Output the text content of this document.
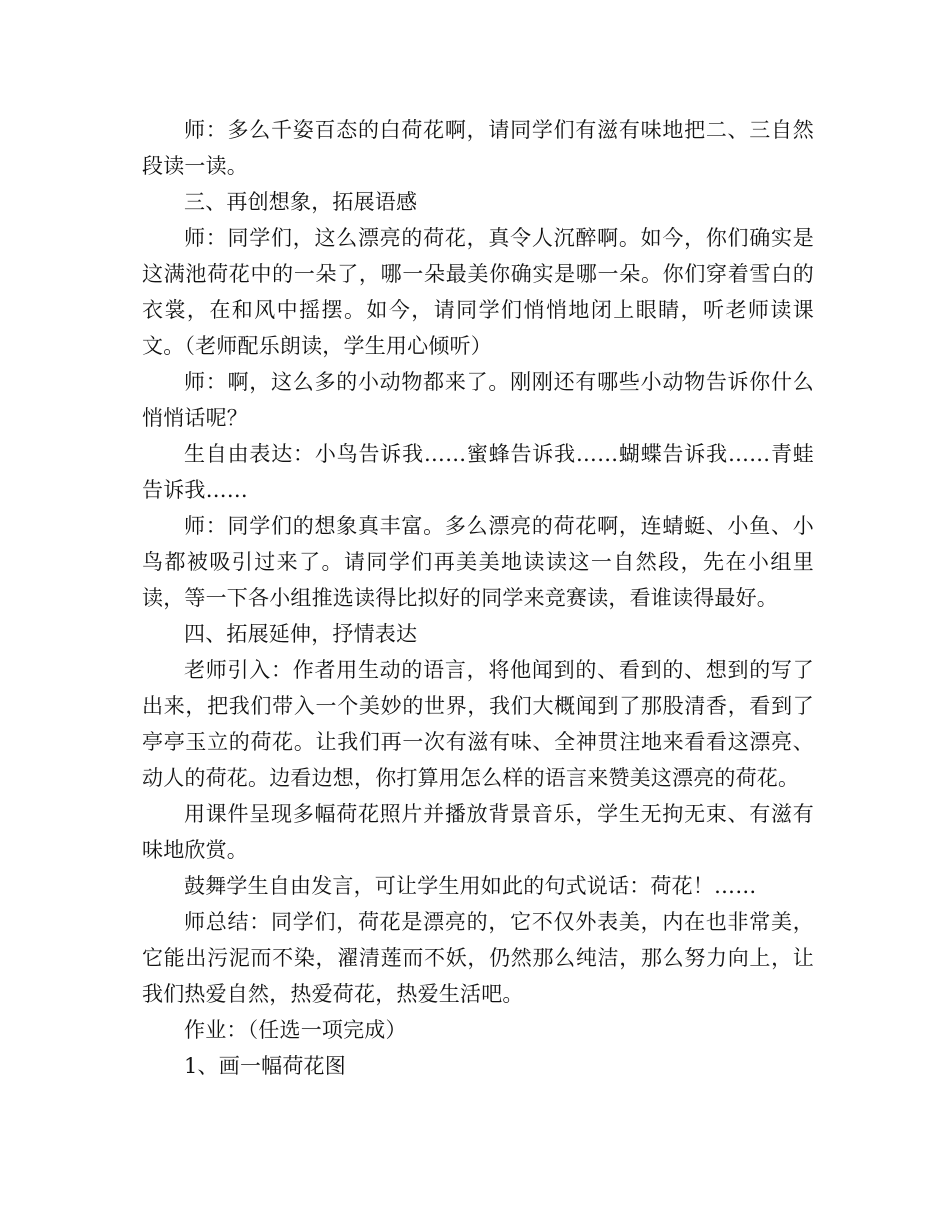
师：多么千姿百态的白荷花啊，请同学们有滋有味地把二、三自然段读一读。

三、再创想象，拓展语感

师：同学们，这么漂亮的荷花，真令人沉醉啊。如今，你们确实是这满池荷花中的一朵了，哪一朵最美你确实是哪一朵。你们穿着雪白的衣裳，在和风中摇摆。如今，请同学们悄悄地闭上眼睛，听老师读课文。（老师配乐朗读，学生用心倾听）

师：啊，这么多的小动物都来了。刚刚还有哪些小动物告诉你什么悄悄话呢？

生自由表达：小鸟告诉我……蜜蜂告诉我……蝴蝶告诉我……青蛙告诉我……

师：同学们的想象真丰富。多么漂亮的荷花啊，连蜻蜓、小鱼、小鸟都被吸引过来了。请同学们再美美地读读这一自然段，先在小组里读，等一下各小组推选读得比拟好的同学来竞赛读，看谁读得最好。

四、拓展延伸，抒情表达

老师引入：作者用生动的语言，将他闻到的、看到的、想到的写了出来，把我们带入一个美妙的世界，我们大概闻到了那股清香，看到了亭亭玉立的荷花。让我们再一次有滋有味、全神贯注地来看看这漂亮、动人的荷花。边看边想，你打算用怎么样的语言来赞美这漂亮的荷花。

用课件呈现多幅荷花照片并播放背景音乐，学生无拘无束、有滋有味地欣赏。

鼓舞学生自由发言，可让学生用如此的句式说话：荷花！……

师总结：同学们，荷花是漂亮的，它不仅外表美，内在也非常美，它能出污泥而不染，濯清莲而不妖，仍然那么纯洁，那么努力向上，让我们热爱自然，热爱荷花，热爱生活吧。

作业：（任选一项完成）

1、画一幅荷花图
